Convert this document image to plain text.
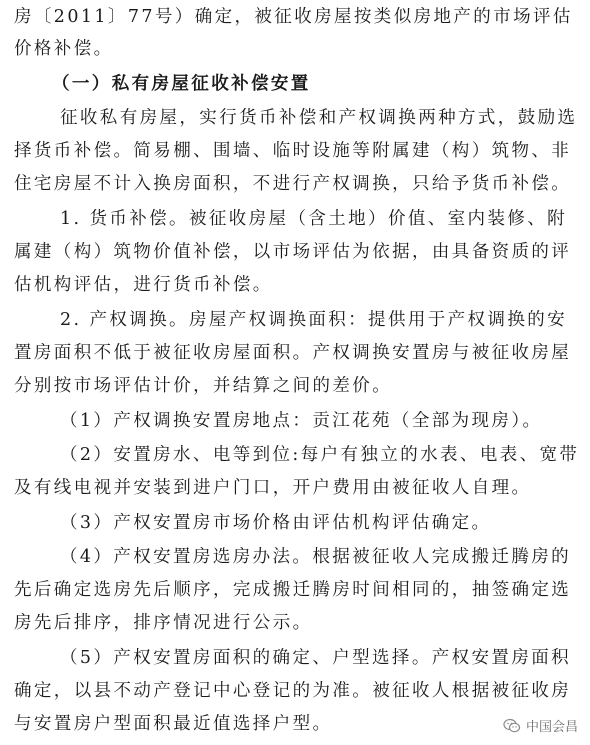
房〔2011〕77号）确定，被征收房屋按类似房地产的市场评估
价格补偿。
（一）私有房屋征收补偿安置
征收私有房屋，实行货币补偿和产权调换两种方式，鼓励选
择货币补偿。简易棚、围墙、临时设施等附属建（构）筑物、非
住宅房屋不计入换房面积，不进行产权调换，只给予货币补偿。
1. 货币补偿。被征收房屋（含土地）价值、室内装修、附
属建（构）筑物价值补偿，以市场评估为依据，由具备资质的评
估机构评估，进行货币补偿。
2. 产权调换。房屋产权调换面积：提供用于产权调换的安
置房面积不低于被征收房屋面积。产权调换安置房与被征收房屋
分别按市场评估计价，并结算之间的差价。
（1）产权调换安置房地点：贡江花苑（全部为现房）。
（2）安置房水、电等到位:每户有独立的水表、电表、宽带
及有线电视并安装到进户门口，开户费用由被征收人自理。
（3）产权安置房市场价格由评估机构评估确定。
（4）产权安置房选房办法。根据被征收人完成搬迁腾房的
先后确定选房先后顺序，完成搬迁腾房时间相同的，抽签确定选
房先后排序，排序情况进行公示。
（5）产权安置房面积的确定、户型选择。产权安置房面积
确定，以县不动产登记中心登记的为准。被征收人根据被征收房
与安置房户型面积最近值选择户型。	中国会昌
